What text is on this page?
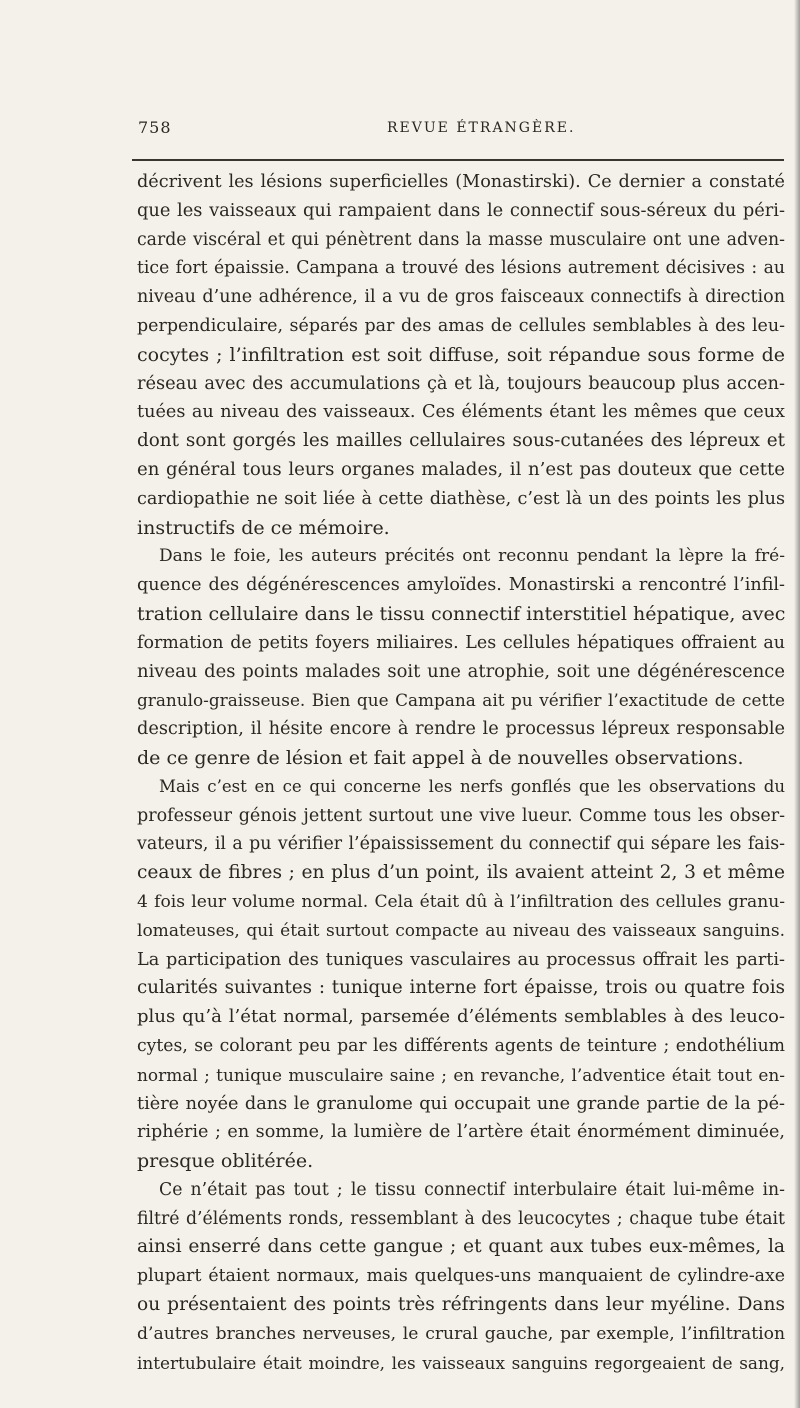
758	REVUE ÉTRANGÈRE.
décrivent les lésions superficielles (Monastirski). Ce dernier a constaté
que les vaisseaux qui rampaient dans le connectif sous-séreux du péri-
carde viscéral et qui pénètrent dans la masse musculaire ont une adven-
tice fort épaissie. Campana a trouvé des lésions autrement décisives : au
niveau d’une adhérence, il a vu de gros faisceaux connectifs à direction
perpendiculaire, séparés par des amas de cellules semblables à des leu-
cocytes ; l’infiltration est soit diffuse, soit répandue sous forme de
réseau avec des accumulations çà et là, toujours beaucoup plus accen-
tuées au niveau des vaisseaux. Ces éléments étant les mêmes que ceux
dont sont gorgés les mailles cellulaires sous-cutanées des lépreux et
en général tous leurs organes malades, il n’est pas douteux que cette
cardiopathie ne soit liée à cette diathèse, c’est là un des points les plus
instructifs de ce mémoire.
Dans le foie, les auteurs précités ont reconnu pendant la lèpre la fré-
quence des dégénérescences amyloïdes. Monastirski a rencontré l’infil-
tration cellulaire dans le tissu connectif interstitiel hépatique, avec
formation de petits foyers miliaires. Les cellules hépatiques offraient au
niveau des points malades soit une atrophie, soit une dégénérescence
granulo-graisseuse. Bien que Campana ait pu vérifier l’exactitude de cette
description, il hésite encore à rendre le processus lépreux responsable
de ce genre de lésion et fait appel à de nouvelles observations.
Mais c’est en ce qui concerne les nerfs gonflés que les observations du
professeur génois jettent surtout une vive lueur. Comme tous les obser-
vateurs, il a pu vérifier l’épaississement du connectif qui sépare les fais-
ceaux de fibres ; en plus d’un point, ils avaient atteint 2, 3 et même
4 fois leur volume normal. Cela était dû à l’infiltration des cellules granu-
lomateuses, qui était surtout compacte au niveau des vaisseaux sanguins.
La participation des tuniques vasculaires au processus offrait les parti-
cularités suivantes : tunique interne fort épaisse, trois ou quatre fois
plus qu’à l’état normal, parsemée d’éléments semblables à des leuco-
cytes, se colorant peu par les différents agents de teinture ; endothélium
normal ; tunique musculaire saine ; en revanche, l’adventice était tout en-
tière noyée dans le granulome qui occupait une grande partie de la pé-
riphérie ; en somme, la lumière de l’artère était énormément diminuée,
presque oblitérée.
Ce n’était pas tout ; le tissu connectif interbulaire était lui-même in-
filtré d’éléments ronds, ressemblant à des leucocytes ; chaque tube était
ainsi enserré dans cette gangue ; et quant aux tubes eux-mêmes, la
plupart étaient normaux, mais quelques-uns manquaient de cylindre-axe
ou présentaient des points très réfringents dans leur myéline. Dans
d’autres branches nerveuses, le crural gauche, par exemple, l’infiltration
intertubulaire était moindre, les vaisseaux sanguins regorgeaient de sang,
